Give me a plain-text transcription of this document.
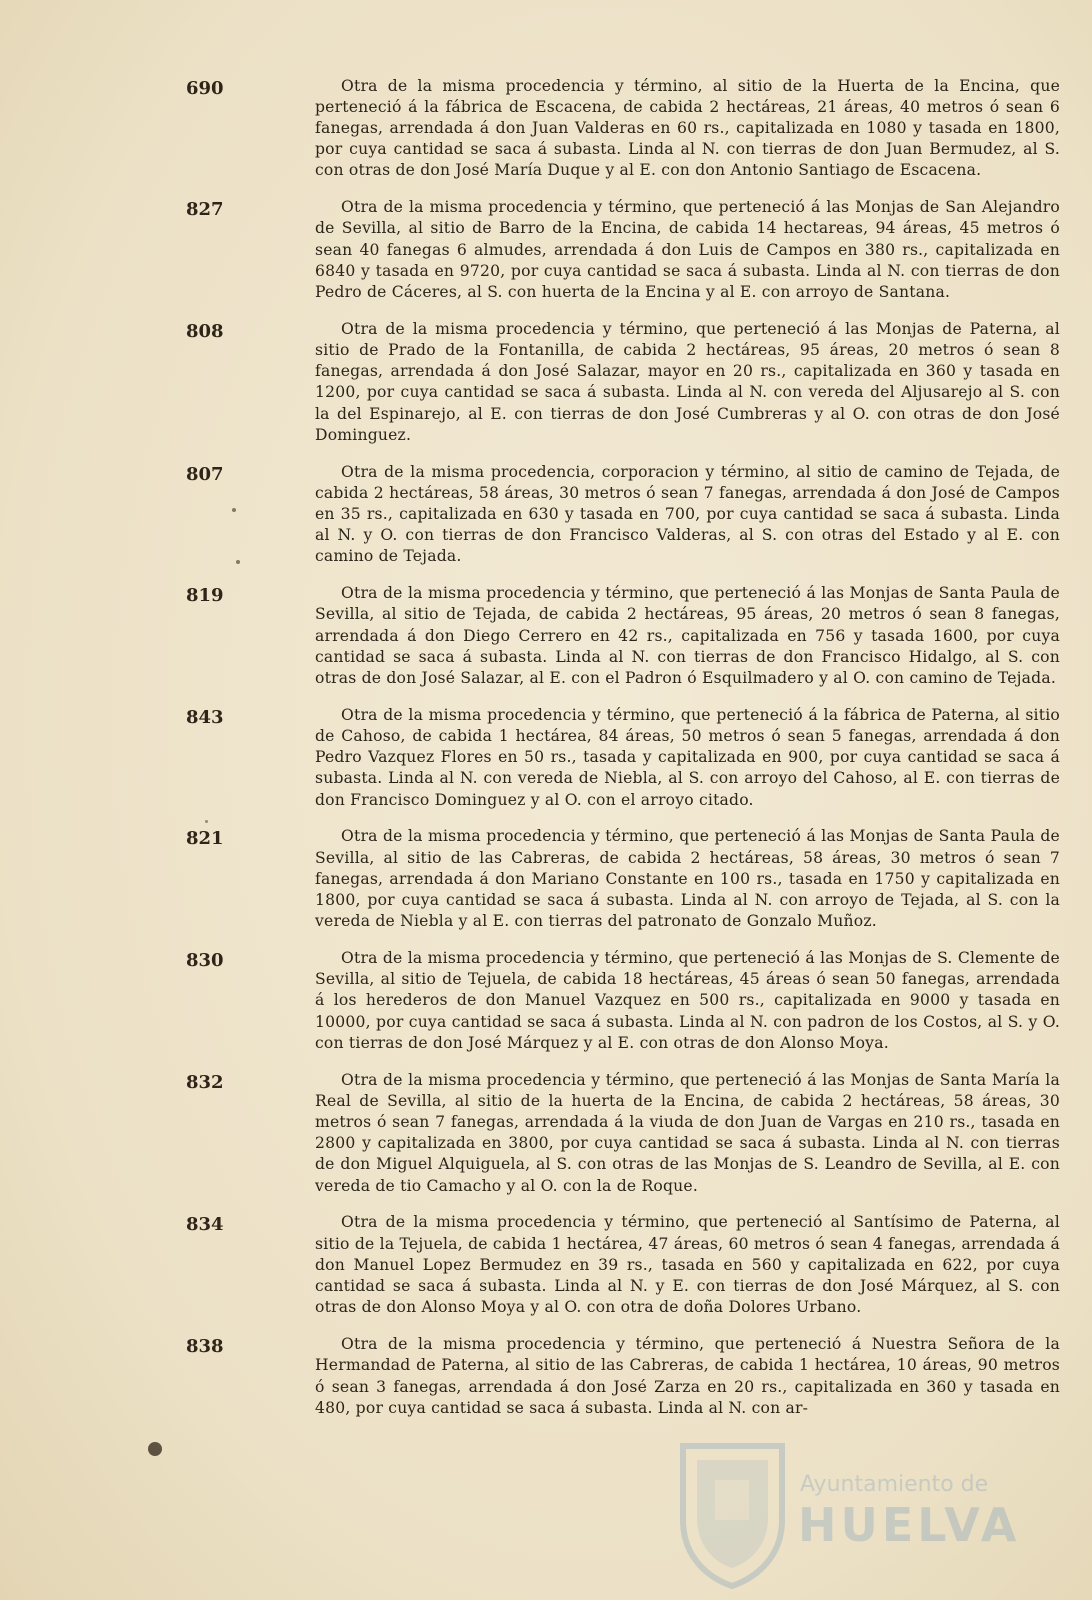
690	Otra de la misma procedencia y término, al sitio de la Huerta de la Encina, que perteneció á la fábrica de Escacena, de cabida 2 hectáreas, 21 áreas, 40 metros ó sean 6 fanegas, arrendada á don Juan Valderas en 60 rs., capitalizada en 1080 y tasada en 1800, por cuya cantidad se saca á subasta. Linda al N. con tierras de don Juan Bermudez, al S. con otras de don José María Duque y al E. con don Antonio Santiago de Escacena.

827	Otra de la misma procedencia y término, que perteneció á las Monjas de San Alejandro de Sevilla, al sitio de Barro de la Encina, de cabida 14 hectareas, 94 áreas, 45 metros ó sean 40 fanegas 6 almudes, arrendada á don Luis de Campos en 380 rs., capitalizada en 6840 y tasada en 9720, por cuya cantidad se saca á subasta. Linda al N. con tierras de don Pedro de Cáceres, al S. con huerta de la Encina y al E. con arroyo de Santana.

808	Otra de la misma procedencia y término, que perteneció á las Monjas de Paterna, al sitio de Prado de la Fontanilla, de cabida 2 hectáreas, 95 áreas, 20 metros ó sean 8 fanegas, arrendada á don José Salazar, mayor en 20 rs., capitalizada en 360 y tasada en 1200, por cuya cantidad se saca á subasta. Linda al N. con vereda del Aljusarejo al S. con la del Espinarejo, al E. con tierras de don José Cumbreras y al O. con otras de don José Dominguez.

807	Otra de la misma procedencia, corporacion y término, al sitio de camino de Tejada, de cabida 2 hectáreas, 58 áreas, 30 metros ó sean 7 fanegas, arrendada á don José de Campos en 35 rs., capitalizada en 630 y tasada en 700, por cuya cantidad se saca á subasta. Linda al N. y O. con tierras de don Francisco Valderas, al S. con otras del Estado y al E. con camino de Tejada.

819	Otra de la misma procedencia y término, que perteneció á las Monjas de Santa Paula de Sevilla, al sitio de Tejada, de cabida 2 hectáreas, 95 áreas, 20 metros ó sean 8 fanegas, arrendada á don Diego Cerrero en 42 rs., capitalizada en 756 y tasada 1600, por cuya cantidad se saca á subasta. Linda al N. con tierras de don Francisco Hidalgo, al S. con otras de don José Salazar, al E. con el Padron ó Esquilmadero y al O. con camino de Tejada.

843	Otra de la misma procedencia y término, que perteneció á la fábrica de Paterna, al sitio de Cahoso, de cabida 1 hectárea, 84 áreas, 50 metros ó sean 5 fanegas, arrendada á don Pedro Vazquez Flores en 50 rs., tasada y capitalizada en 900, por cuya cantidad se saca á subasta. Linda al N. con vereda de Niebla, al S. con arroyo del Cahoso, al E. con tierras de don Francisco Dominguez y al O. con el arroyo citado.

821	Otra de la misma procedencia y término, que perteneció á las Monjas de Santa Paula de Sevilla, al sitio de las Cabreras, de cabida 2 hectáreas, 58 áreas, 30 metros ó sean 7 fanegas, arrendada á don Mariano Constante en 100 rs., tasada en 1750 y capitalizada en 1800, por cuya cantidad se saca á subasta. Linda al N. con arroyo de Tejada, al S. con la vereda de Niebla y al E. con tierras del patronato de Gonzalo Muñoz.

830	Otra de la misma procedencia y término, que perteneció á las Monjas de S. Clemente de Sevilla, al sitio de Tejuela, de cabida 18 hectáreas, 45 áreas ó sean 50 fanegas, arrendada á los herederos de don Manuel Vazquez en 500 rs., capitalizada en 9000 y tasada en 10000, por cuya cantidad se saca á subasta. Linda al N. con padron de los Costos, al S. y O. con tierras de don José Márquez y al E. con otras de don Alonso Moya.

832	Otra de la misma procedencia y término, que perteneció á las Monjas de Santa María la Real de Sevilla, al sitio de la huerta de la Encina, de cabida 2 hectáreas, 58 áreas, 30 metros ó sean 7 fanegas, arrendada á la viuda de don Juan de Vargas en 210 rs., tasada en 2800 y capitalizada en 3800, por cuya cantidad se saca á subasta. Linda al N. con tierras de don Miguel Alquiguela, al S. con otras de las Monjas de S. Leandro de Sevilla, al E. con vereda de tio Camacho y al O. con la de Roque.

834	Otra de la misma procedencia y término, que perteneció al Santísimo de Paterna, al sitio de la Tejuela, de cabida 1 hectárea, 47 áreas, 60 metros ó sean 4 fanegas, arrendada á don Manuel Lopez Bermudez en 39 rs., tasada en 560 y capitalizada en 622, por cuya cantidad se saca á subasta. Linda al N. y E. con tierras de don José Márquez, al S. con otras de don Alonso Moya y al O. con otra de doña Dolores Urbano.

838	Otra de la misma procedencia y término, que perteneció á Nuestra Señora de la Hermandad de Paterna, al sitio de las Cabreras, de cabida 1 hectárea, 10 áreas, 90 metros ó sean 3 fanegas, arrendada á don José Zarza en 20 rs., capitalizada en 360 y tasada en 480, por cuya cantidad se saca á subasta. Linda al N. con ar-

Ayuntamiento de
HUELVA
